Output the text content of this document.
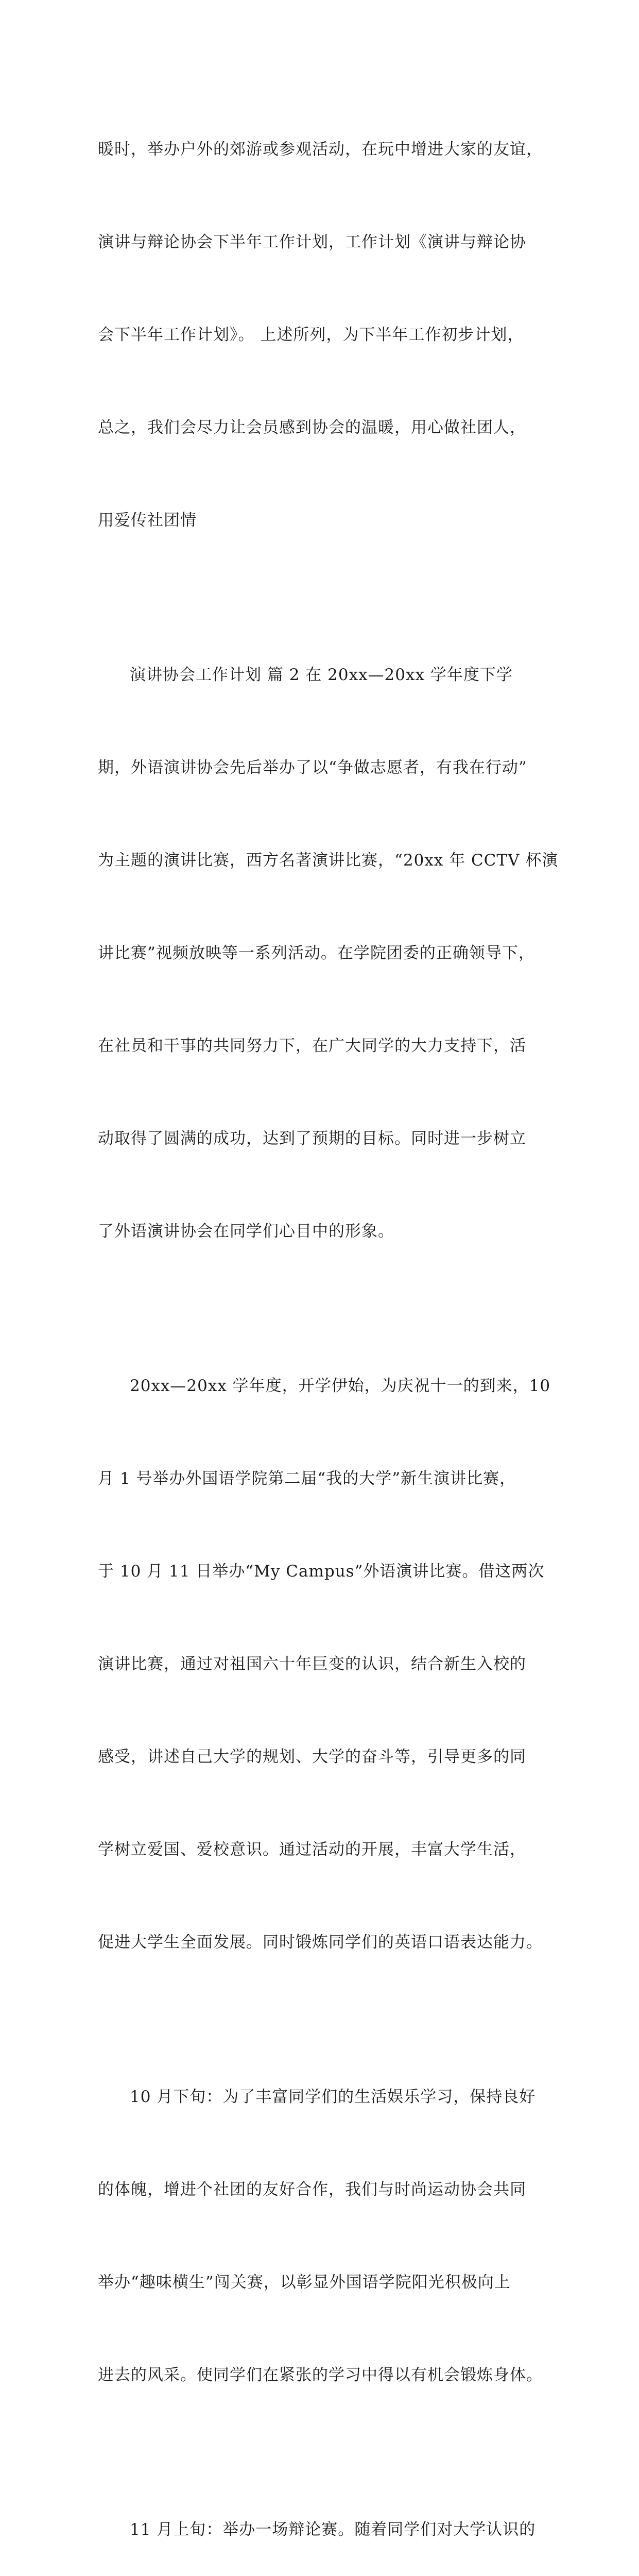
暖时，举办户外的郊游或参观活动，在玩中增进大家的友谊，

演讲与辩论协会下半年工作计划，工作计划《演讲与辩论协

会下半年工作计划》。 上述所列，为下半年工作初步计划，

总之，我们会尽力让会员感到协会的温暖，用心做社团人，

用爱传社团情

演讲协会工作计划 篇 2 在 20xx—20xx 学年度下学

期，外语演讲协会先后举办了以“争做志愿者，有我在行动”

为主题的演讲比赛，西方名著演讲比赛，“20xx 年 CCTV 杯演

讲比赛”视频放映等一系列活动。在学院团委的正确领导下，

在社员和干事的共同努力下，在广大同学的大力支持下，活

动取得了圆满的成功，达到了预期的目标。同时进一步树立

了外语演讲协会在同学们心目中的形象。

20xx—20xx 学年度，开学伊始，为庆祝十一的到来，10

月 1 号举办外国语学院第二届“我的大学”新生演讲比赛，

于 10 月 11 日举办“My Campus”外语演讲比赛。借这两次

演讲比赛，通过对祖国六十年巨变的认识，结合新生入校的

感受，讲述自己大学的规划、大学的奋斗等，引导更多的同

学树立爱国、爱校意识。通过活动的开展，丰富大学生活，

促进大学生全面发展。同时锻炼同学们的英语口语表达能力。

10 月下旬：为了丰富同学们的生活娱乐学习，保持良好

的体魄，增进个社团的友好合作，我们与时尚运动协会共同

举办“趣味横生”闯关赛，以彰显外国语学院阳光积极向上

进去的风采。使同学们在紧张的学习中得以有机会锻炼身体。

11 月上旬：举办一场辩论赛。随着同学们对大学认识的
